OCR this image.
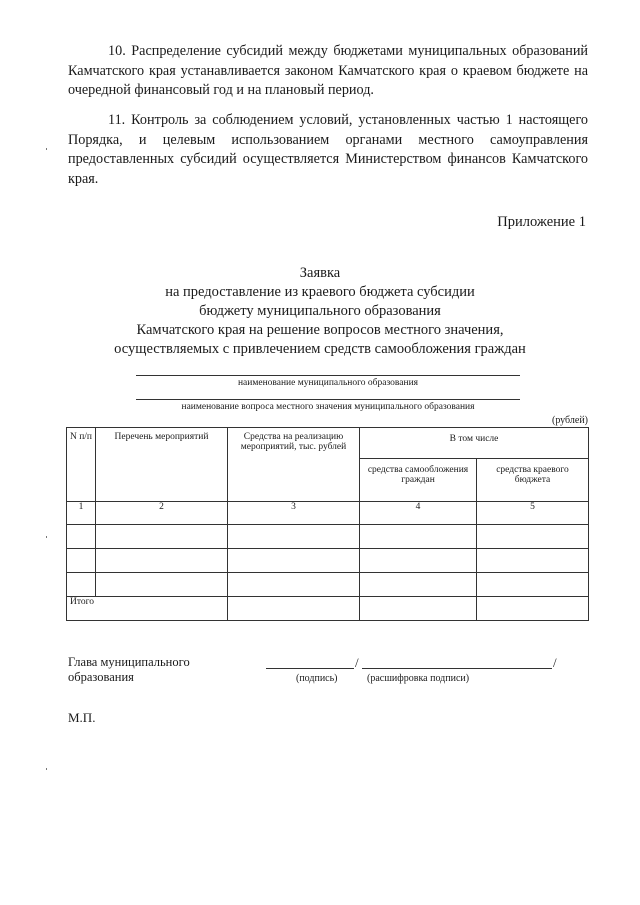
10. Распределение субсидий между бюджетами муниципальных образований Камчатского края устанавливается законом Камчатского края о краевом бюджете на очередной финансовый год и на плановый период.
11. Контроль за соблюдением условий, установленных частью 1 настоящего Порядка, и целевым использованием органами местного самоуправления предоставленных субсидий осуществляется Министерством финансов Камчатского края.
Приложение 1
Заявка
на предоставление из краевого бюджета субсидии
бюджету муниципального образования
Камчатского края на решение вопросов местного значения,
осуществляемых с привлечением средств самообложения граждан
наименование муниципального образования
наименование вопроса местного значения муниципального образования
(рублей)
N п/п	Перечень мероприятий	Средства на реализацию мероприятий, тыс. рублей	В том числе	
			средства самообложения граждан	средства краевого бюджета
1	2	3	4	5

Итого				
Глава муниципального
образования
/	/
(подпись)	(расшифровка подписи)
М.П.
